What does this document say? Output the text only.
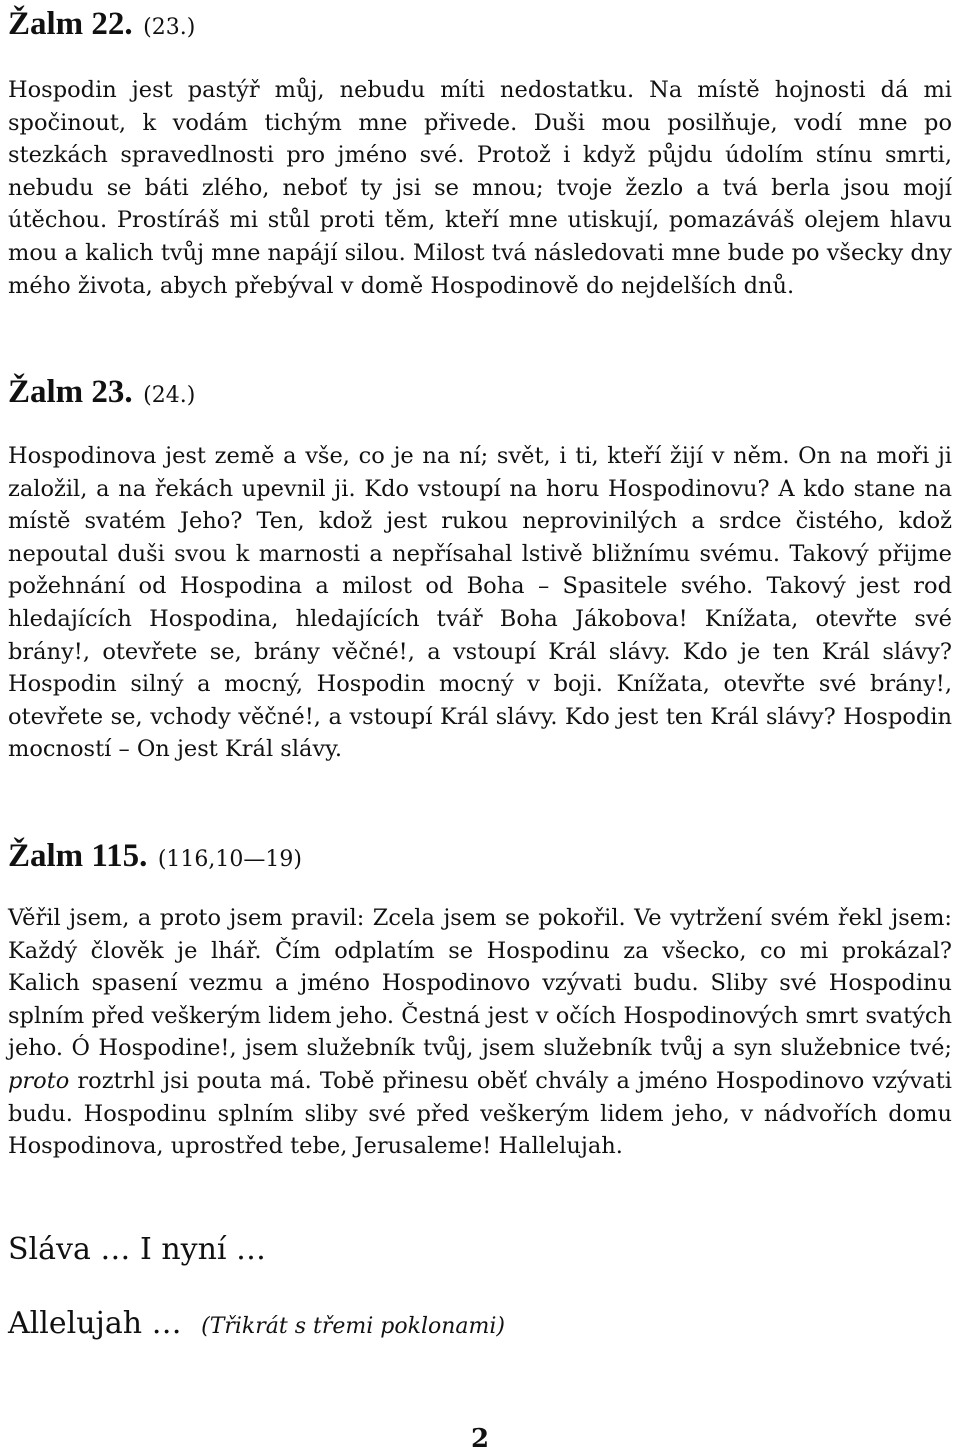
Žalm 22. (23.)

Hospodin jest pastýř můj, nebudu míti nedostatku. Na místě hojnosti dá mi spočinout, k vodám tichým mne přivede. Duši mou posilňuje, vodí mne po stezkách spravedlnosti pro jméno své. Protož i když půjdu údolím stínu smrti, nebudu se báti zlého, neboť ty jsi se mnou; tvoje žezlo a tvá berla jsou mojí útěchou. Prostíráš mi stůl proti těm, kteří mne utiskují, pomazáváš olejem hlavu mou a kalich tvůj mne napájí silou. Milost tvá následovati mne bude po všecky dny mého života, abych přebýval v domě Hospodinově do nejdelších dnů.

Žalm 23. (24.)

Hospodinova jest země a vše, co je na ní; svět, i ti, kteří žijí v něm. On na moři ji založil, a na řekách upevnil ji. Kdo vstoupí na horu Hospodinovu? A kdo stane na místě svatém Jeho? Ten, kdož jest rukou neprovinilých a srdce čistého, kdož nepoutal duši svou k marnosti a nepřísahal lstivě bližnímu svému. Takový přijme požehnání od Hospodina a milost od Boha – Spasitele svého. Takový jest rod hledajících Hospodina, hledajících tvář Boha Jákobova! Knížata, otevřte své brány!, otevřete se, brány věčné!, a vstoupí Král slávy. Kdo je ten Král slávy? Hospodin silný a mocný, Hospodin mocný v boji. Knížata, otevřte své brány!, otevřete se, vchody věčné!, a vstoupí Král slávy. Kdo jest ten Král slávy? Hospodin mocností – On jest Král slávy.

Žalm 115. (116,10—19)

Věřil jsem, a proto jsem pravil: Zcela jsem se pokořil. Ve vytržení svém řekl jsem: Každý člověk je lhář. Čím odplatím se Hospodinu za všecko, co mi prokázal? Kalich spasení vezmu a jméno Hospodinovo vzývati budu. Sliby své Hospodinu splním před veškerým lidem jeho. Čestná jest v očích Hospodinových smrt svatých jeho. Ó Hospodine!, jsem služebník tvůj, jsem služebník tvůj a syn služebnice tvé; proto roztrhl jsi pouta má. Tobě přinesu oběť chvály a jméno Hospodinovo vzývati budu. Hospodinu splním sliby své před veškerým lidem jeho, v nádvořích domu Hospodinova, uprostřed tebe, Jerusaleme! Hallelujah.

Sláva … I nyní …

Allelujah … (Třikrát s třemi poklonami)

2
